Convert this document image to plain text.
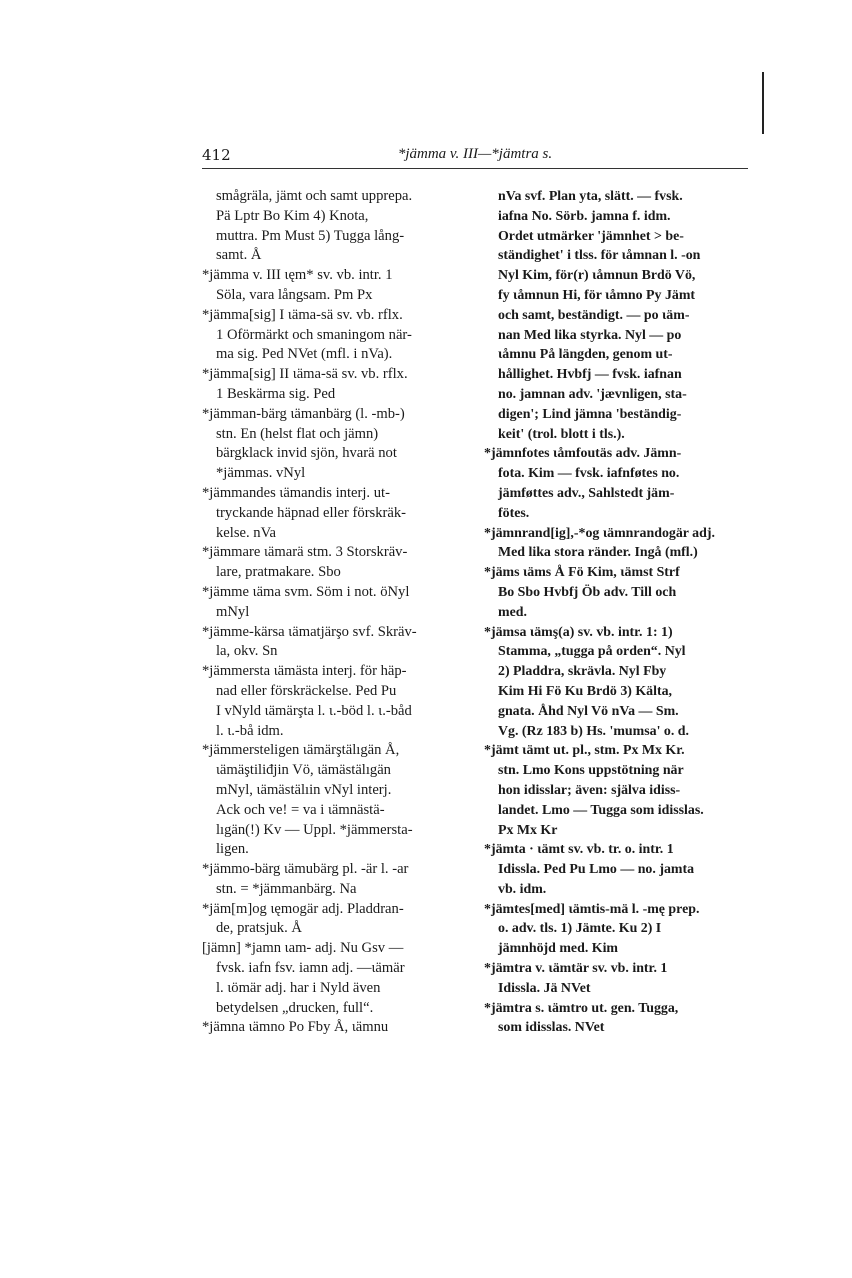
412	*jämma v. III—*jämtra s.
smågräla, jämt och samt upprepa.
Pä Lptr Bo Kim 4) Knota,
muttra. Pm Must 5) Tugga lång-
samt. Å
*jämma v. III ɩęm* sv. vb. intr. 1
Söla, vara långsam. Pm Px
*jämma[sig] I ɩäma-sä sv. vb. rflx.
1 Oförmärkt och smaningom när-
ma sig. Ped NVet (mfl. i nVa).
*jämma[sig] II ɩäma-sä sv. vb. rflx.
1 Beskärma sig. Ped
*jämman-bärg ɩämanbärg (l. -mb-)
stn. En (helst flat och jämn)
bärgklack invid sjön, hvarä not
*jämmas. vNyl
*jämmandes ɩämandis interj. ut-
tryckande häpnad eller förskräk-
kelse. nVa
*jämmare ɩämarä stm. 3 Storskräv-
lare, pratmakare. Sbo
*jämme ɩäma svm. Söm i not. öNyl
mNyl
*jämme-kärsa ɩämatjärşo svf. Skräv-
la, okv. Sn
*jämmersta ɩämästa interj. för häp-
nad eller förskräckelse. Ped Pu
I vNyld ɩämärşta l. ɩ.-böd l. ɩ.-båd
l. ɩ.-bå idm.
*jämmersteligen ɩämärştälıgän Å,
ɩämäştiliđjin Vö, ɩämästälıgän
mNyl, ɩämästälıin vNyl interj.
Ack och ve! = va i ɩämnästä-
lıgän(!) Kv — Uppl. *jämmersta-
ligen.
*jämmo-bärg ɩämubärg pl. -är l. -ar
stn. = *jämmanbärg. Na
*jäm[m]og ɩęmogär adj. Pladdran-
de, pratsjuk. Å
[jämn] *jamn ɩam- adj. Nu Gsv —
fvsk. iafn fsv. iamn adj. —ɩämär
l. ɩömär adj. har i Nyld även
betydelsen „drucken, full“.
*jämna ɩämno Po Fby Å, ɩämnu
nVa svf. Plan yta, slätt. — fvsk.
iafna No. Sörb. jamna f. idm.
Ordet utmärker 'jämnhet > be-
ständighet' i tlss. för ɩåmnan l. -on
Nyl Kim, för(r) ɩåmnun Brdö Vö,
fy ɩåmnun Hi, för ɩåmno Py Jämt
och samt, beständigt. — po ɩäm-
nan Med lika styrka. Nyl — po
ɩåmnu På längden, genom ut-
hållighet. Hvbfj — fvsk. iafnan
no. jamnan adv. 'jævnligen, sta-
digen'; Lind jämna 'beständig-
keit' (trol. blott i tls.).
*jämnfotes ɩåmfoutäs adv. Jämn-
fota. Kim — fvsk. iafnføtes no.
jämføttes adv., Sahlstedt jäm-
fötes.
*jämnrand[ig],-*og ɩämnrandogär adj.
Med lika stora ränder. Ingå (mfl.)
*jäms ɩäms Å Fö Kim, ɩämst Strf
Bo Sbo Hvbfj Öb adv. Till och
med.
*jämsa ɩämş(a) sv. vb. intr. 1: 1)
Stamma, „tugga på orden“. Nyl
2) Pladdra, skrävla. Nyl Fby
Kim Hi Fö Ku Brdö 3) Kälta,
gnata. Åhd Nyl Vö nVa — Sm.
Vg. (Rz 183 b) Hs. 'mumsa' o. d.
*jämt ɩämt ut. pl., stm. Px Mx Kr.
stn. Lmo Kons uppstötning när
hon idisslar; även: själva idiss-
landet. Lmo — Tugga som idisslas.
Px Mx Kr
*jämta · ɩämt sv. vb. tr. o. intr. 1
Idissla. Ped Pu Lmo — no. jamta
vb. idm.
*jämtes[med] ɩämtis-mä l. -mę prep.
o. adv. tls. 1) Jämte. Ku 2) I
jämnhöjd med. Kim
*jämtra v. ɩämtär sv. vb. intr. 1
Idissla. Jä NVet
*jämtra s. ɩämtro ut. gen. Tugga,
som idisslas. NVet
